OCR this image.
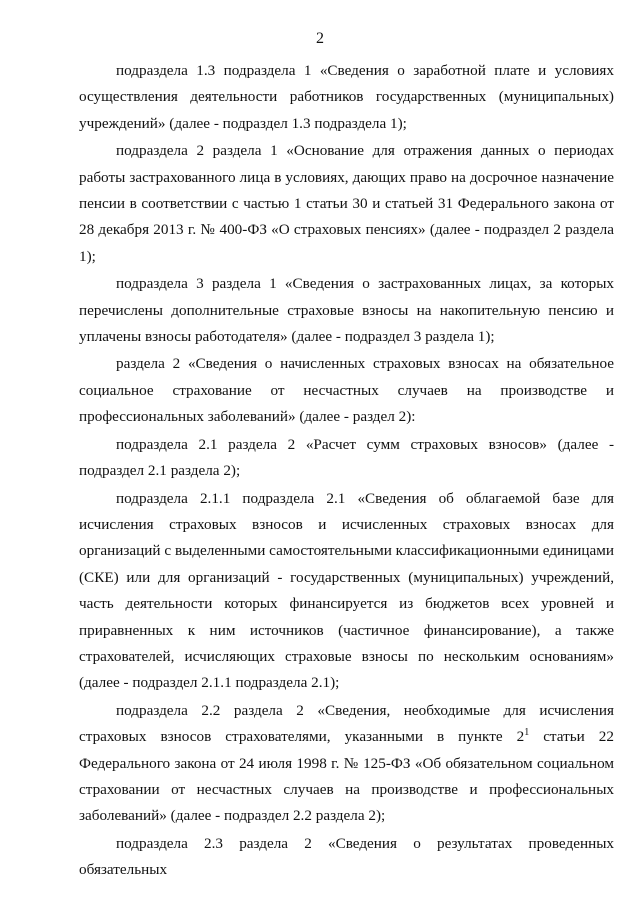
2

подраздела 1.3 подраздела 1 «Сведения о заработной плате и условиях осуществления деятельности работников государственных (муниципальных) учреждений» (далее - подраздел 1.3 подраздела 1);

подраздела 2 раздела 1 «Основание для отражения данных о периодах работы застрахованного лица в условиях, дающих право на досрочное назначение пенсии в соответствии с частью 1 статьи 30 и статьей 31 Федерального закона от 28 декабря 2013 г. № 400-ФЗ «О страховых пенсиях» (далее - подраздел 2 раздела 1);

подраздела 3 раздела 1 «Сведения о застрахованных лицах, за которых перечислены дополнительные страховые взносы на накопительную пенсию и уплачены взносы работодателя» (далее - подраздел 3 раздела 1);

раздела 2 «Сведения о начисленных страховых взносах на обязательное социальное страхование от несчастных случаев на производстве и профессиональных заболеваний» (далее - раздел 2):

подраздела 2.1 раздела 2 «Расчет сумм страховых взносов» (далее - подраздел 2.1 раздела 2);

подраздела 2.1.1 подраздела 2.1 «Сведения об облагаемой базе для исчисления страховых взносов и исчисленных страховых взносах для организаций с выделенными самостоятельными классификационными единицами (СКЕ) или для организаций - государственных (муниципальных) учреждений, часть деятельности которых финансируется из бюджетов всех уровней и приравненных к ним источников (частичное финансирование), а также страхователей, исчисляющих страховые взносы по нескольким основаниям» (далее - подраздел 2.1.1 подраздела 2.1);

подраздела 2.2 раздела 2 «Сведения, необходимые для исчисления страховых взносов страхователями, указанными в пункте $2^1$ статьи 22 Федерального закона от 24 июля 1998 г. № 125-ФЗ «Об обязательном социальном страховании от несчастных случаев на производстве и профессиональных заболеваний» (далее - подраздел 2.2 раздела 2);

подраздела 2.3 раздела 2 «Сведения о результатах проведенных обязательных
